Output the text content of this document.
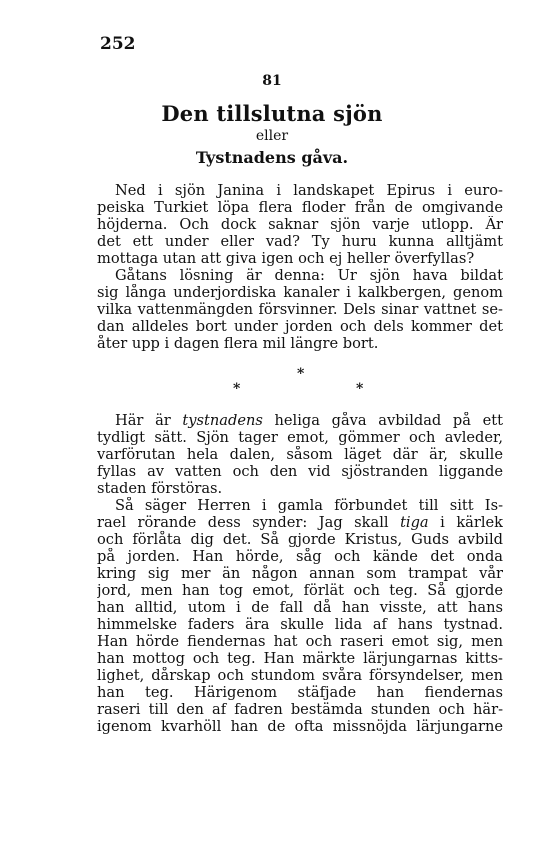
252
81
Den tillslutna sjön
eller
Tystnadens gåva.
Ned i sjön Janina i landskapet Epirus i euro-
peiska Turkiet löpa flera floder från de omgivande
höjderna. Och dock saknar sjön varje utlopp. Är
det ett under eller vad? Ty huru kunna alltjämt
mottaga utan att giva igen och ej heller överfyllas?
Gåtans lösning är denna: Ur sjön hava bildat
sig långa underjordiska kanaler i kalkbergen, genom
vilka vattenmängden försvinner. Dels sinar vattnet se-
dan alldeles bort under jorden och dels kommer det
åter upp i dagen flera mil längre bort.
*
*	*
Här är tystnadens heliga gåva avbildad på ett
tydligt sätt. Sjön tager emot, gömmer och avleder,
varförutan hela dalen, såsom läget där är, skulle
fyllas av vatten och den vid sjöstranden liggande
staden förstöras.
Så säger Herren i gamla förbundet till sitt Is-
rael rörande dess synder: Jag skall tiga i kärlek
och förlåta dig det. Så gjorde Kristus, Guds avbild
på jorden. Han hörde, såg och kände det onda
kring sig mer än någon annan som trampat vår
jord, men han tog emot, förlät och teg. Så gjorde
han alltid, utom i de fall då han visste, att hans
himmelske faders ära skulle lida af hans tystnad.
Han hörde fiendernas hat och raseri emot sig, men
han mottog och teg. Han märkte lärjungarnas kitts-
lighet, dårskap och stundom svåra försyndelser, men
han teg. Härigenom stäfjade han fiendernas
raseri till den af fadren bestämda stunden och här-
igenom kvarhöll han de ofta missnöjda lärjungarne
